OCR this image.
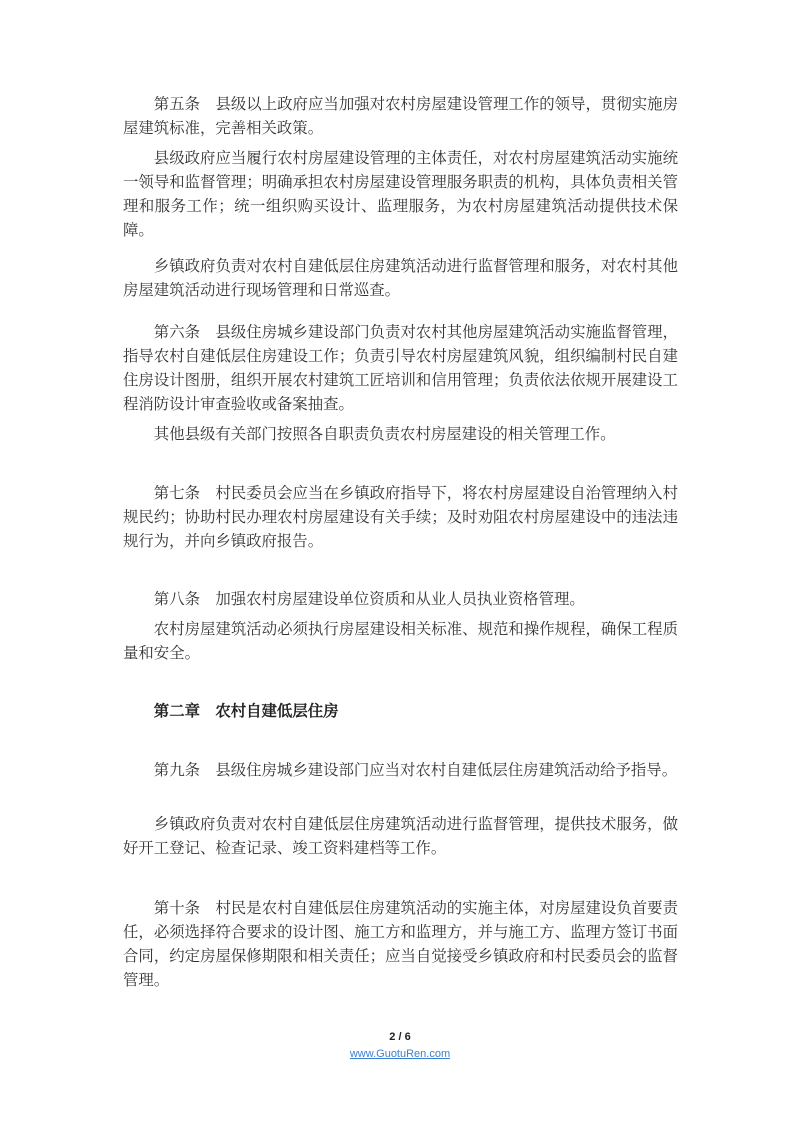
第五条　县级以上政府应当加强对农村房屋建设管理工作的领导，贯彻实施房屋建筑标准，完善相关政策。

县级政府应当履行农村房屋建设管理的主体责任，对农村房屋建筑活动实施统一领导和监督管理；明确承担农村房屋建设管理服务职责的机构，具体负责相关管理和服务工作；统一组织购买设计、监理服务，为农村房屋建筑活动提供技术保障。

乡镇政府负责对农村自建低层住房建筑活动进行监督管理和服务，对农村其他房屋建筑活动进行现场管理和日常巡查。

第六条　县级住房城乡建设部门负责对农村其他房屋建筑活动实施监督管理，指导农村自建低层住房建设工作；负责引导农村房屋建筑风貌，组织编制村民自建住房设计图册，组织开展农村建筑工匠培训和信用管理；负责依法依规开展建设工程消防设计审查验收或备案抽查。

其他县级有关部门按照各自职责负责农村房屋建设的相关管理工作。

第七条　村民委员会应当在乡镇政府指导下，将农村房屋建设自治管理纳入村规民约；协助村民办理农村房屋建设有关手续；及时劝阻农村房屋建设中的违法违规行为，并向乡镇政府报告。

第八条　加强农村房屋建设单位资质和从业人员执业资格管理。

农村房屋建筑活动必须执行房屋建设相关标准、规范和操作规程，确保工程质量和安全。

第二章　农村自建低层住房

第九条　县级住房城乡建设部门应当对农村自建低层住房建筑活动给予指导。

乡镇政府负责对农村自建低层住房建筑活动进行监督管理，提供技术服务，做好开工登记、检查记录、竣工资料建档等工作。

第十条　村民是农村自建低层住房建筑活动的实施主体，对房屋建设负首要责任，必须选择符合要求的设计图、施工方和监理方，并与施工方、监理方签订书面合同，约定房屋保修期限和相关责任；应当自觉接受乡镇政府和村民委员会的监督管理。

2 / 6
www.GuotuRen.com
